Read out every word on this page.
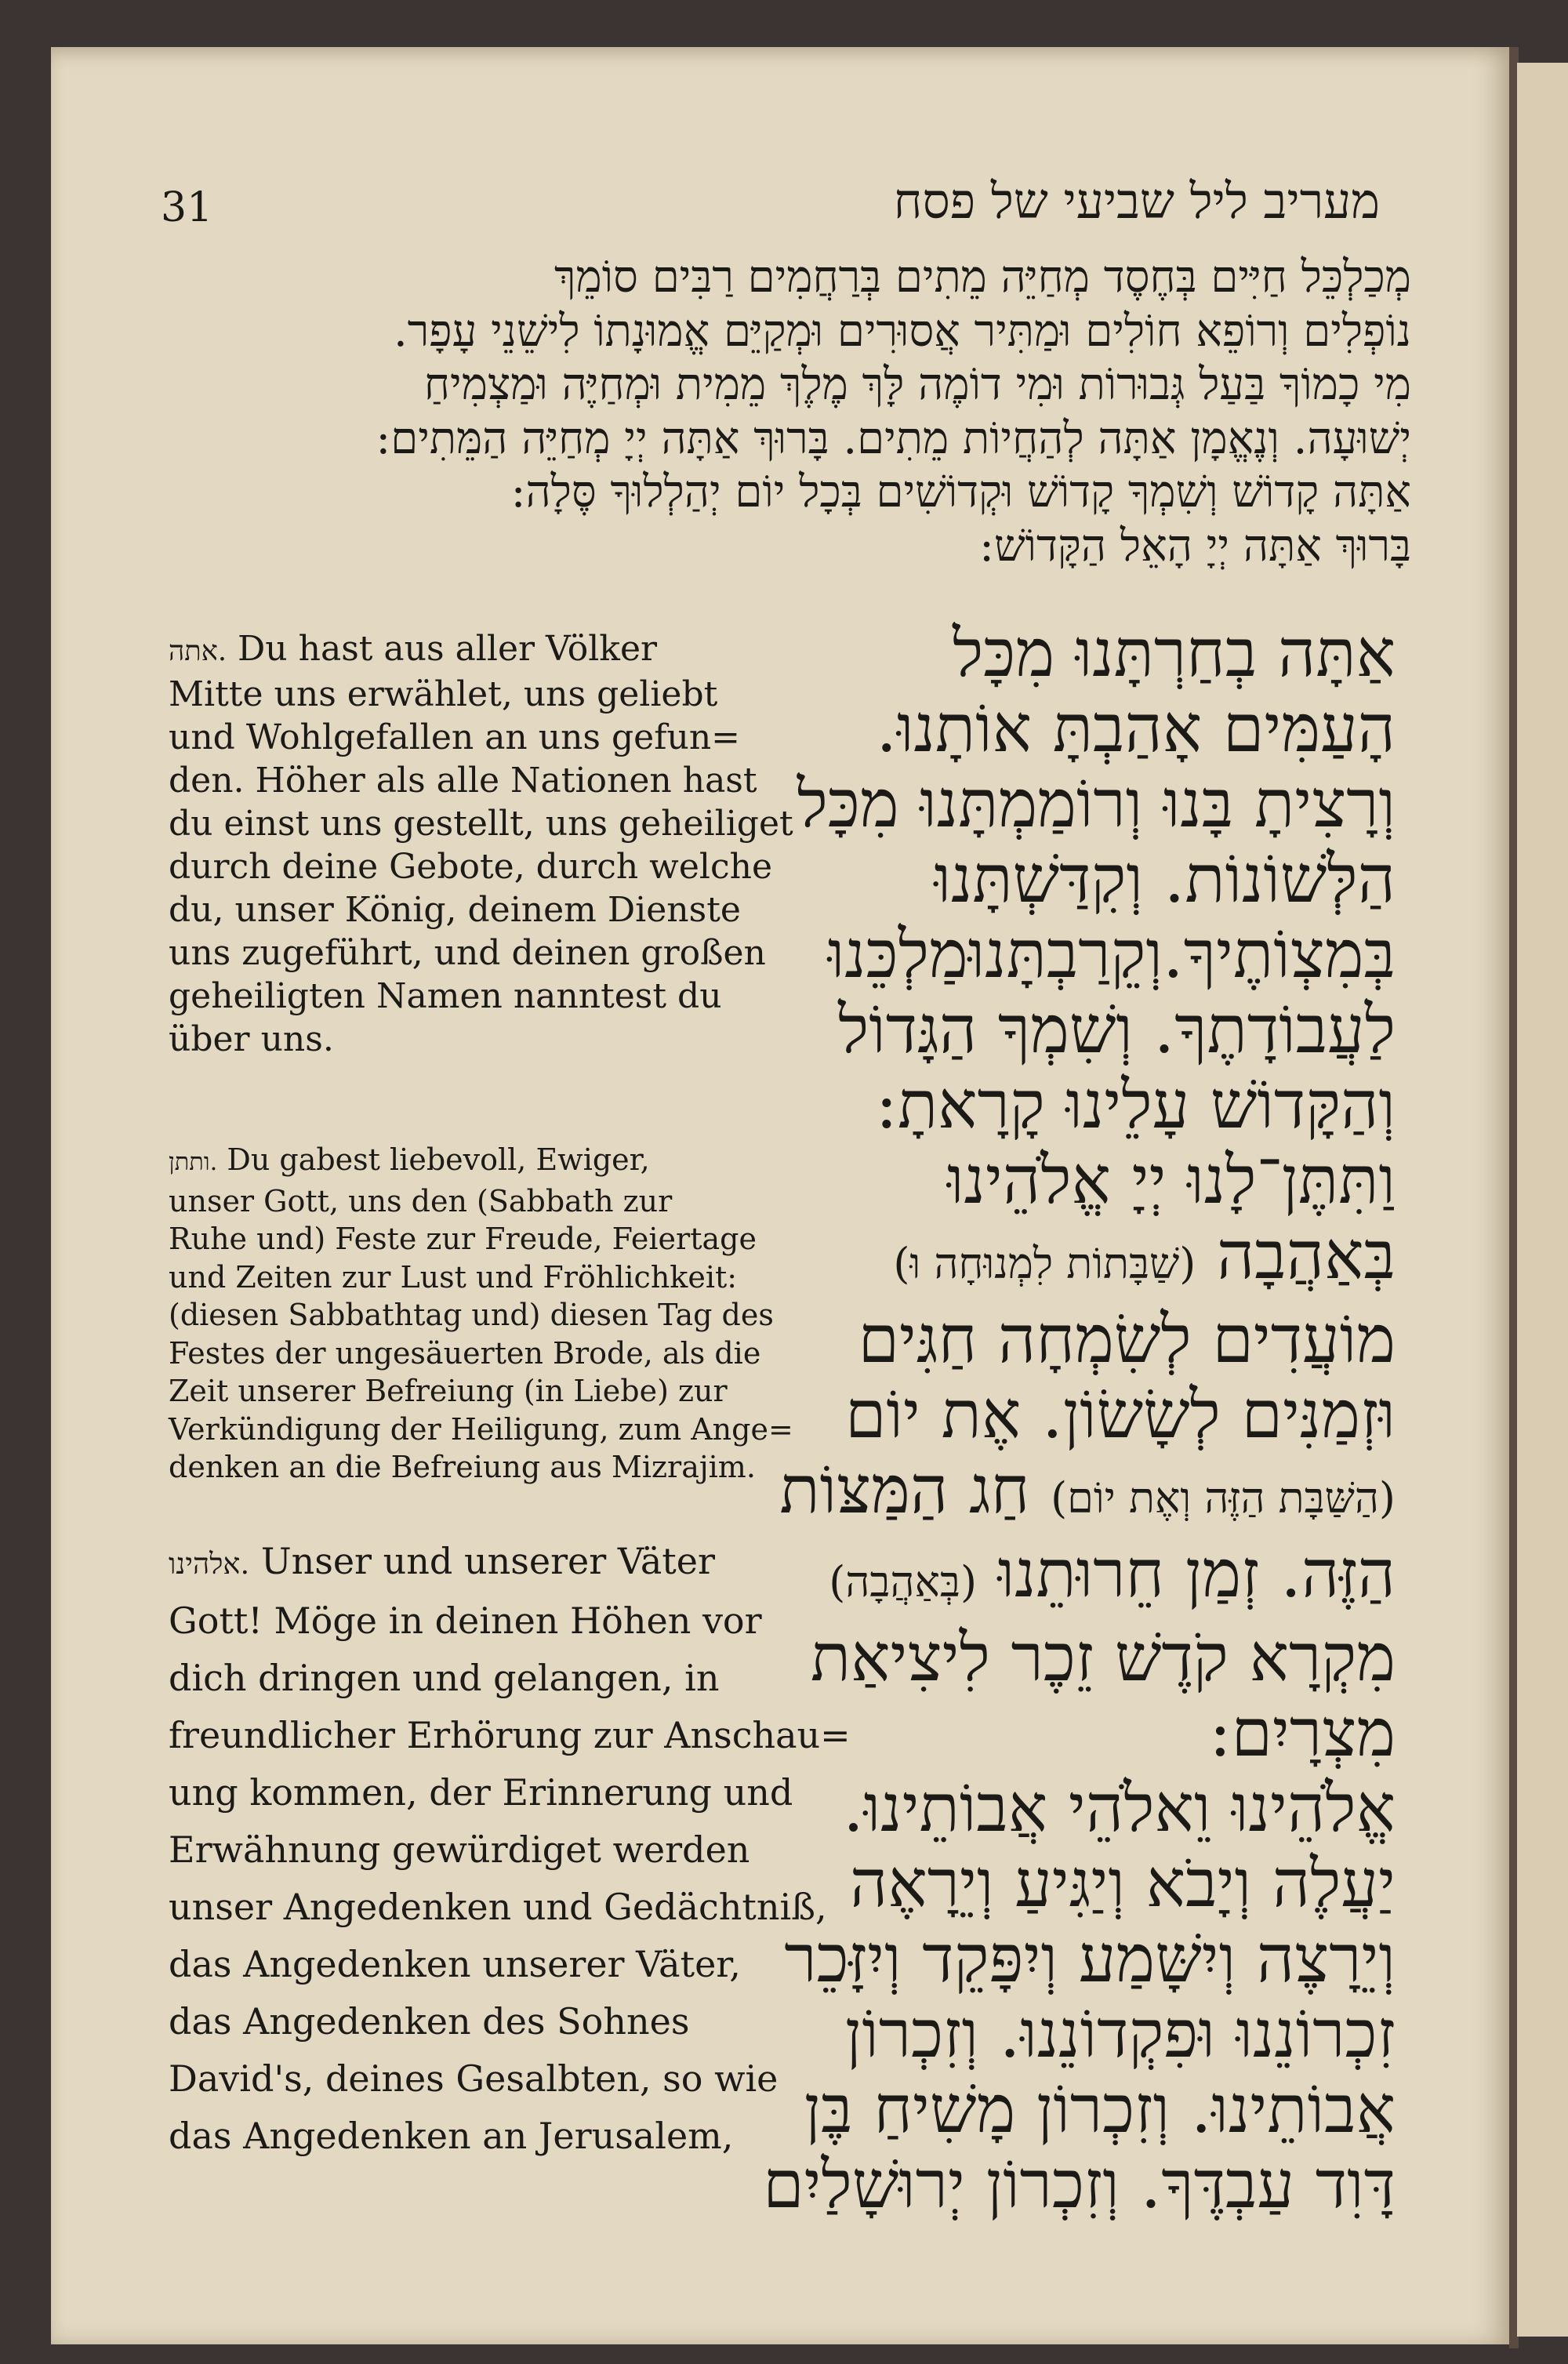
31	מעריב ליל שביעי של פסח
מְכַלְכֵּל חַיִּים בְּחֶסֶד מְחַיֵּה מֵתִים בְּרַחֲמִים רַבִּים סוֹמֵךְ
נוֹפְלִים וְרוֹפֵא חוֹלִים וּמַתִּיר אֲסוּרִים וּמְקַיֵּם אֱמוּנָתוֹ לִישֵׁנֵי עָפָר.
מִי כָמוֹךָ בַּעַל גְּבוּרוֹת וּמִי דוֹמֶה לָּךְ מֶלֶךְ מֵמִית וּמְחַיֶּה וּמַצְמִיחַ
יְשׁוּעָה. וְנֶאֱמָן אַתָּה לְהַחֲיוֹת מֵתִים. בָּרוּךְ אַתָּה יְיָ מְחַיֵּה הַמֵּתִים:
אַתָּה קָדוֹשׁ וְשִׁמְךָ קָדוֹשׁ וּקְדוֹשִׁים בְּכָל יוֹם יְהַלְלוּךָ סֶּלָה:
בָּרוּךְ אַתָּה יְיָ הָאֵל הַקָּדוֹשׁ:
אַתָּה בְחַרְתָּנוּ מִכָּל
הָעַמִּים אָהַבְתָּ אוֹתָנוּ.
וְרָצִיתָ בָּנוּ וְרוֹמַמְתָּנוּ מִכָּל
הַלְּשׁוֹנוֹת. וְקִדַּשְׁתָּנוּ
בְּמִצְוֹתֶיךָ.וְקֵרַבְתָּנוּמַלְכֵּנוּ
לַעֲבוֹדָתֶךָ. וְשִׁמְךָ הַגָּדוֹל
וְהַקָּדוֹשׁ עָלֵינוּ קָרָאתָ:
וַתִּתֶּן־לָנוּ יְיָ אֱלֹהֵינוּ
בְּאַהֲבָה (שַׁבָּתוֹת לִמְנוּחָה וּ)
מוֹעֲדִים לְשִׂמְחָה חַגִּים
וּזְמַנִּים לְשָׂשׂוֹן. אֶת יוֹם
(הַשַּׁבָּת הַזֶּה וְאֶת יוֹם) חַג הַמַּצּוֹת
הַזֶּה. זְמַן חֵרוּתֵנוּ (בְּאַהֲבָה)
מִקְרָא קֹדֶשׁ זֵכֶר לִיצִיאַת
מִצְרָיִם:
אֱלֹהֵינוּ וֵאלֹהֵי אֲבוֹתֵינוּ.
יַעֲלֶה וְיָבֹא וְיַגִּיעַ וְיֵרָאֶה
וְיֵרָצֶה וְיִשָּׁמַע וְיִפָּקֵד וְיִזָּכֵר
זִכְרוֹנֵנוּ וּפִקְדוֹנֵנוּ. וְזִכְרוֹן
אֲבוֹתֵינוּ. וְזִכְרוֹן מָשִׁיחַ בֶּן
דָּוִד עַבְדֶּךָ. וְזִכְרוֹן יְרוּשָׁלַיִם
אתה. Du hast aus aller Völker
Mitte uns erwählet, uns geliebt
und Wohlgefallen an uns gefun=
den. Höher als alle Nationen hast
du einst uns gestellt, uns geheiliget
durch deine Gebote, durch welche
du, unser König, deinem Dienste
uns zugeführt, und deinen großen
geheiligten Namen nanntest du
über uns.
ותתן. Du gabest liebevoll, Ewiger,
unser Gott, uns den (Sabbath zur
Ruhe und) Feste zur Freude, Feiertage
und Zeiten zur Lust und Fröhlichkeit:
(diesen Sabbathtag und) diesen Tag des
Festes der ungesäuerten Brode, als die
Zeit unserer Befreiung (in Liebe) zur
Verkündigung der Heiligung, zum Ange=
denken an die Befreiung aus Mizrajim.
אלהינו. Unser und unserer Väter
Gott! Möge in deinen Höhen vor
dich dringen und gelangen, in
freundlicher Erhörung zur Anschau=
ung kommen, der Erinnerung und
Erwähnung gewürdiget werden
unser Angedenken und Gedächtniß,
das Angedenken unserer Väter,
das Angedenken des Sohnes
David's, deines Gesalbten, so wie
das Angedenken an Jerusalem,
